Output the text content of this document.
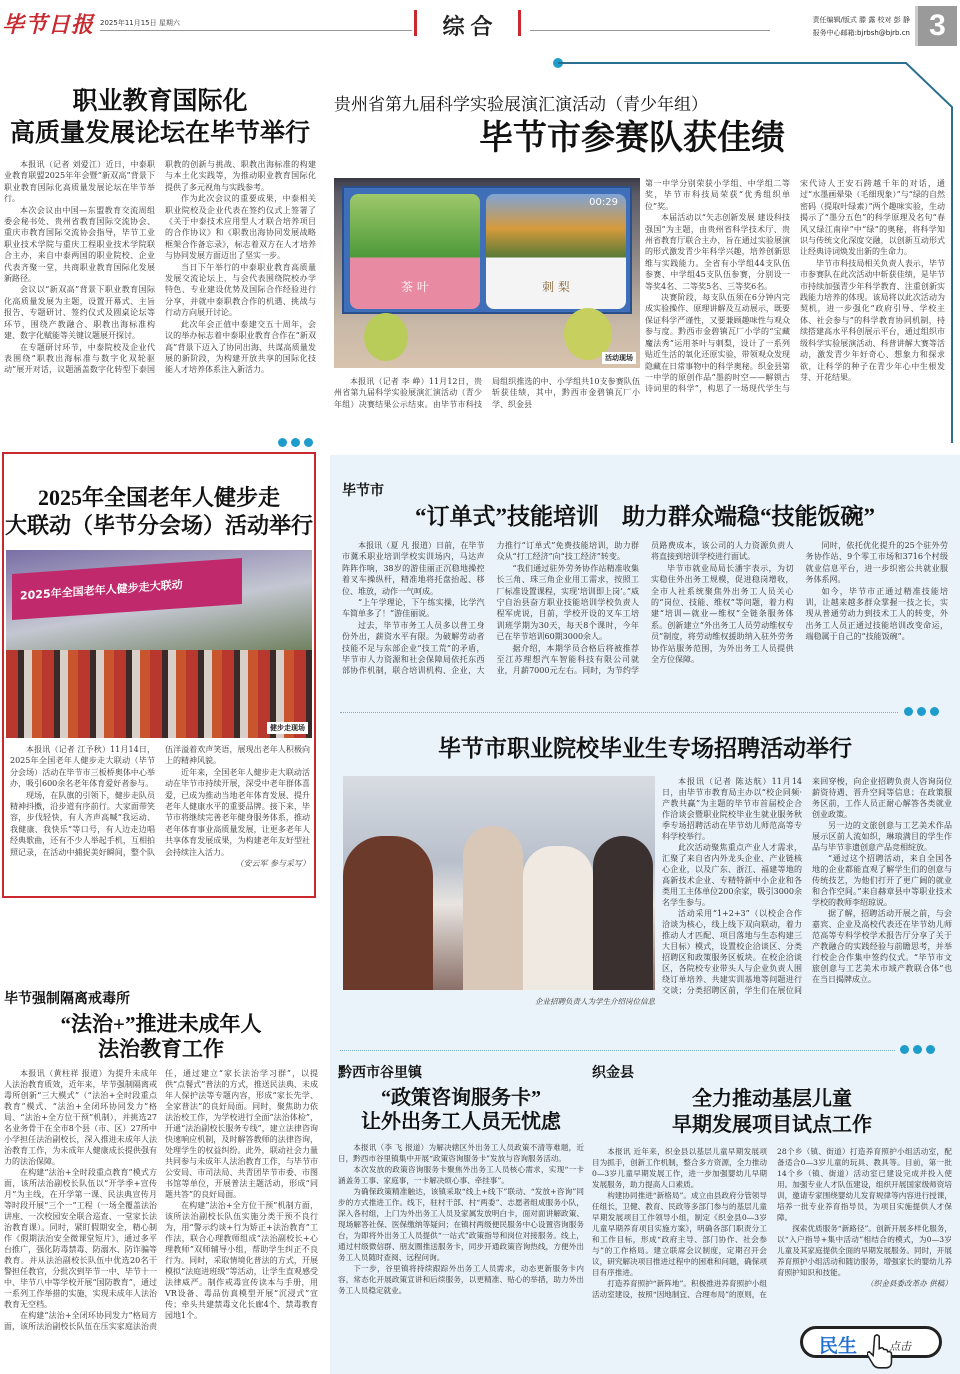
毕节日报 2025年11月15日 星期六	综 合	责任编辑/版式 滕 露 校对 彭 静
报务中心邮箱:bjrbsh@bjrb.cn 3
职业教育国际化
高质量发展论坛在毕节举行

本报讯（记者 刘爱江）近日，中泰职业教育联盟2025年年会暨“新双高”背景下职业教育国际化高质量发展论坛在毕节举行。

本次会议由中国—东盟教育交流周组委会秘书处、贵州省教育国际交流协会、重庆市教育国际交流协会指导，毕节工业职业技术学院与重庆工程职业技术学院联合主办，来自中泰两国的职业院校、企业代表齐聚一堂，共商职业教育国际化发展新路径。

会议以“新双高”背景下职业教育国际化高质量发展为主题，设置开幕式、主旨报告、专题研讨、签约仪式及圆桌论坛等环节，围绕产教融合、职教出海标准构建、数字化赋能等关键议题展开探讨。

在专题研讨环节，中泰院校及企业代表围绕“职教出海标准与数字化双轮驱动”展开对话，议题涵盖数字化转型下泰国职教的创新与挑战、职教出海标准的构建与本土化实践等，为推动职业教育国际化提供了多元视角与实践参考。

作为此次会议的重要成果，中泰相关职业院校及企业代表在签约仪式上签署了《关于中泰技术应用型人才联合培养项目的合作协议》和《职教出海协同发展战略框架合作备忘录》，标志着双方在人才培养与协同发展方面迈出了坚实一步。

当日下午举行的中泰职业教育高质量发展交流论坛上，与会代表围绕院校办学特色、专业建设优势及国际合作经验进行分享，并就中泰职教合作的机遇、挑战与行动方向展开讨论。

此次年会正值中泰建交五十周年，会议的举办标志着中泰职业教育合作在“新双高”背景下迈入了协同出海、共谋高质量发展的新阶段，为构建开放共享的国际化技能人才培养体系注入新活力。

贵州省第九届科学实验展演汇演活动（青少年组）
毕节市参赛队获佳绩
茶 叶
00:29
刺 梨
活动现场

本报讯（记者 李 峥）11月12日，贵州省第九届科学实验展演汇演活动（青少年组）决赛结果公示结束。由毕节市科技局组织推选的中、小学组共10支参赛队伍斩获佳绩，其中，黔西市金碧镇瓦厂小学、织金县

第一中学分别荣获小学组、中学组二等奖，毕节市科技局荣获“优秀组织单位”奖。

本届活动以“矢志创新发展 建设科技强国”为主题，由贵州省科学技术厅、贵州省教育厅联合主办，旨在通过实验展演的形式激发青少年科学兴趣，培养创新思维与实践能力。全省有小学组44支队伍参赛、中学组45支队伍参赛，分别设一等奖4名、二等奖5名、三等奖6名。

决赛阶段，每支队伍须在6分钟内完成实验操作、原理讲解及互动展示，既要保证科学严谨性，又要兼顾趣味性与观众参与度。黔西市金碧镇瓦厂小学的“宝藏魔法秀”运用茶叶与刺梨，设计了一系列贴近生活的氧化还原实验，带领观众发现隐藏在日常事物中的科学奥秘。织金县第一中学的原创作品“墨韵时空——解锁古诗词里的科学”，构思了一场现代学生与宋代诗人王安石跨越千年的对话，通过“水墨画晕染（毛细现象）”与“绿的自然密码（提取叶绿素）”两个趣味实验，生动揭示了“墨分五色”的科学原理及名句“春风又绿江南岸”中“绿”的奥秘，将科学知识与传统文化深度交融，以创新互动形式让经典诗词焕发出新的生命力。

毕节市科技局相关负责人表示，毕节市参赛队在此次活动中斩获佳绩，是毕节市持续加强青少年科学教育、注重创新实践能力培养的体现。该局将以此次活动为契机，进一步强化“政府引导、学校主体、社会参与”的科学教育协同机制，持续搭建高水平科创展示平台，通过组织市级科学实验展演活动、科普讲解大赛等活动，激发青少年好奇心、想象力和探求欲，让科学的种子在青少年心中生根发芽、开花结果。

2025年全国老年人健步走
大联动（毕节分会场）活动举行
2025年全国老年人健步走大联动
健步走现场

本报讯（记者 江予秋）11月14日，2025年全国老年人健步走大联动（毕节分会场）活动在毕节市三板桥奥体中心举办，吸引600余名老年体育爱好者参与。

现场，在队旗的引领下，健步走队员精神抖擞，沿步道有序前行。大家面带笑容，步伐轻快，有人齐声高喊“我运动、我健康、我快乐”等口号，有人边走边唱经典歌曲，还有不少人举起手机，互相拍照记录，在活动中捕捉美好瞬间，整个队伍洋溢着欢声笑语，展现出老年人积极向上的精神风貌。

近年来，全国老年人健步走大联动活动在毕节市持续开展，深受中老年群体喜爱，已成为推动当地老年体育发展、提升老年人健康水平的重要品牌。接下来，毕节市将继续完善老年健身服务体系，推动老年体育事业高质量发展，让更多老年人共享体育发展成果，为构建老年友好型社会持续注入活力。

（安云军 参与采写）

毕节市
“订单式”技能培训　助力群众端稳“技能饭碗”

本报讯（夏 凡 报道）日前，在毕节市冀禾职业培训学校实训场内，马达声阵阵作响，38岁的游佳丽正沉稳地操控着叉车操纵杆，精准地将托盘抬起、移位、堆放，动作一气呵成。

“上午学理论，下午练实操，比学汽车简单多了！”游佳丽说。

过去，毕节市务工人员多以普工身份外出，薪资水平有限。为破解劳动者技能不足与东部企业“技工荒”的矛盾，毕节市人力资源和社会保障局依托东西部协作机制，联合培训机构、企业，大力推行“订单式”免费技能培训，助力群众从“打工经济”向“技工经济”转变。

“我们通过驻外劳务协作站精准收集长三角、珠三角企业用工需求，按照工厂标准设置课程，实现‘培训即上岗’。”威宁自治县奋方职业技能培训学校负责人程军虎说，目前，学校开设的叉车工培训班学期为30天，每天8个课时，今年已在毕节培训60期3000余人。

据介绍，本期学员合格后将被推荐至江苏理想汽车智能科技有限公司就业，月薪7000元左右。同时，为节约学员路费成本，该公司的人力资源负责人将直接到培训学校进行面试。

毕节市就业局局长潘宇表示，为切实稳住外出务工规模，促进稳岗增收，全市人社系统聚焦外出务工人员关心的“岗位、技能、维权”等问题，着力构建“培训—就业—维权”全链条服务体系。创新建立“外出务工人员劳动维权专员”制度，将劳动维权援助纳入驻外劳务协作站服务范围，为外出务工人员提供全方位保障。

同时，依托优化提升的25个驻外劳务协作站、9个零工市场和3716个村级就业信息平台，进一步织密公共就业服务体系网。

如今，毕节市正通过精准技能培训，让越来越多群众掌握一技之长，实现从普通劳动力到技术工人的转变，外出务工人员正通过技能培训改变命运，端稳属于自己的“技能饭碗”。

毕节市职业院校毕业生专场招聘活动举行
企业招聘负责人为学生介绍岗位信息

本报讯（记者 陈达航）11月14日，由毕节市教育局主办以“校企同频·产教共赢”为主题的毕节市首届校企合作洽谈会暨职业院校毕业生就业服务秋季专场招聘活动在毕节幼儿师范高等专科学校举行。

此次活动聚焦重点产业人才需求，汇聚了来自省内外龙头企业、产业链核心企业，以及广东、浙江、福建等地的高新技术企业、专精特新中小企业和各类用工主体单位200余家，吸引3000余名学生参与。

活动采用“1+2+3”（以校企合作洽谈为核心，线上线下双向联动，着力推动人才匹配、项目落地与生态构建三大目标）模式，设置校企洽谈区、分类招聘区和政策服务区板块。在校企洽谈区，各院校专业带头人与企业负责人围绕订单培养、共建实训基地等问题进行交谈；分类招聘区前，学生们在展位间来回穿梭，向企业招聘负责人咨询岗位薪资待遇、晋升空间等信息；在政策服务区前，工作人员正耐心解答各类就业创业政策。

另一边的文旅创意与工艺美术作品展示区前人流如织，琳琅满目的学生作品与毕节非遗创意产品竞相绽放。

“通过这个招聘活动，来自全国各地的企业都能直观了解学生们的创意与传统技艺，为他们打开了更广阔的就业和合作空间。”来自赫章县中等职业技术学校的教师李绍琼说。

据了解，招聘活动开展之前，与会嘉宾、企业及高校代表还在毕节幼儿师范高等专科学校学术报告厅分享了关于产教融合的实践经验与前瞻思考，并举行校企合作集中签约仪式。“毕节市文旅创意与工艺美术市域产教联合体”也在当日揭牌成立。

毕节强制隔离戒毒所
“法治+”推进未成年人
法治教育工作

本报讯（黄柱祥 报道）为提升未成年人法治教育质效，近年来，毕节强制隔离戒毒所创新“三大模式”（“法治+全时段重点教育”模式、“法治+全闭环协同发力”格局、“法治+全方位干预”机制），并挑选27名业务骨干在全市8个县（市、区）27所中小学担任法治副校长，深入推进未成年人法治教育工作，为未成年人健康成长提供强有力的法治保障。

在构建“法治+全时段重点教育”模式方面，该所法治副校长队伍以“开学季+宣传月”为主线，在开学第一课、民法典宣传月等时段开展“三个一”工程（一场全覆盖法治讲座、一次校园安全联合巡查、一堂家长法治教育课）。同时，紧盯假期安全，精心制作《假期法治安全微课堂短片》，通过多平台推广，强化防毒禁毒、防溺水、防诈骗等教育。并从法治副校长队伍中优选20名干警担任教官，分批次到毕节一中、毕节十一中、毕节八中等学校开展“国防教育”，通过一系列工作举措的实施，实现未成年人法治教育无空档。

在构建“法治+全闭环协同发力”格局方面，该所法治副校长队伍在压实家庭法治责任，通过建立“家长法治学习群”，以提供“点餐式”普法的方式，推送民法典、未成年人保护法等专题内容，形成“家长先学、全家普法”的良好局面。同时，聚焦助力依法治校工作，为学校进行全面“法治体检”，开通“法治副校长服务专线”，建立法律咨询快速响应机制，及时解答教师的法律咨询，处理学生的权益纠纷。此外，联动社会力量共同参与未成年人法治教育工作，与毕节市公安局、市司法局、共青团毕节市委、市图书馆等单位，开展普法主题活动，形成“同题共答”的良好局面。

在构建“法治+全方位干预”机制方面，该所法治副校长队伍实施分类干预不良行为，用“警示约谈+行为矫正+法治教育”工作法，联合心理教师组成“法治副校长+心理教师”双师辅导小组，帮助学生纠正不良行为。同时，采取情境化普法的方式，开展模拟“法庭进班级”等活动，让学生直观感受法律威严。制作戒毒宣传读本与手册，用VR设备、毒品仿真模型开展“沉浸式”宣传；牵头共建禁毒文化长廊4个、禁毒教育园地1个。

黔西市谷里镇
“政策咨询服务卡”
让外出务工人员无忧虑

本报讯（李 飞 报道）为解决辖区外出务工人员政策不清等难题，近日，黔西市谷里镇集中开展“政策咨询服务卡”发放与咨询服务活动。

本次发放的政策咨询服务卡聚焦外出务工人员核心需求，实现“一卡涵盖务工事、家庭事，一卡解决烦心事、牵挂事”。

为确保政策精准触达，该镇采取“线上+线下”联动、“发放+咨询”同步的方式推进工作。线下，驻村干部、村“两委”、志愿者组成服务小队，深入各村组，上门为外出务工人员及家属发放明白卡，面对面讲解政策、现场解答社保、医保缴纳等疑问；在镇村两级便民服务中心设置咨询服务台，为即将外出务工人员提供“一站式”政策指导和岗位对接服务。线上，通过村级微信群、朋友圈推送服务卡，同步开通政策咨询热线，方便外出务工人员随时查阅、远程问询。

下一步，谷里镇将持续跟踪外出务工人员需求，动态更新服务卡内容，常态化开展政策宣讲和后续服务，以更精准、贴心的举措，助力外出务工人员稳定就业。

织金县
全力推动基层儿童
早期发展项目试点工作

本报讯 近年来，织金县以基层儿童早期发展项目为抓手，创新工作机制，整合多方资源，全力推动0—3岁儿童早期发展工作，进一步加强婴幼儿早期发展服务，助力提高人口素质。

构建协同推进“新格局”。成立由县政府分管领导任组长，卫健、教育、民政等多部门参与的基层儿童早期发展项目工作领导小组，制定《织金县0—3岁儿童早期养育项目实施方案》，明确各部门职责分工和工作目标，形成“政府主导、部门协作、社会参与”的工作格局。建立联席会议制度，定期召开会议，研究解决项目推进过程中的困难和问题，确保项目有序推进。

打造养育照护“新阵地”。积极推进养育照护小组活动室建设，按照“因地制宜、合理布局”的原则，在28个乡（镇、街道）打造养育照护小组活动室，配备适合0—3岁儿童的玩具、教具等。目前，第一批14个乡（镇、街道）活动室已建设完成并投入使用。加强专业人才队伍建设，组织开展国家级师资培训，邀请专家围绕婴幼儿发育规律等内容进行授课，培养一批专业养育指导员，为项目实施提供人才保障。

探索优质服务“新路径”。创新开展多样化服务，以“入户指导+集中活动”相结合的模式，为0—3岁儿童及其家庭提供全面的早期发展服务。同时，开展养育照护小组活动和随访服务，增强家长的婴幼儿养育照护知识和技能。

（织金县委改革办 供稿）

民生	点击
